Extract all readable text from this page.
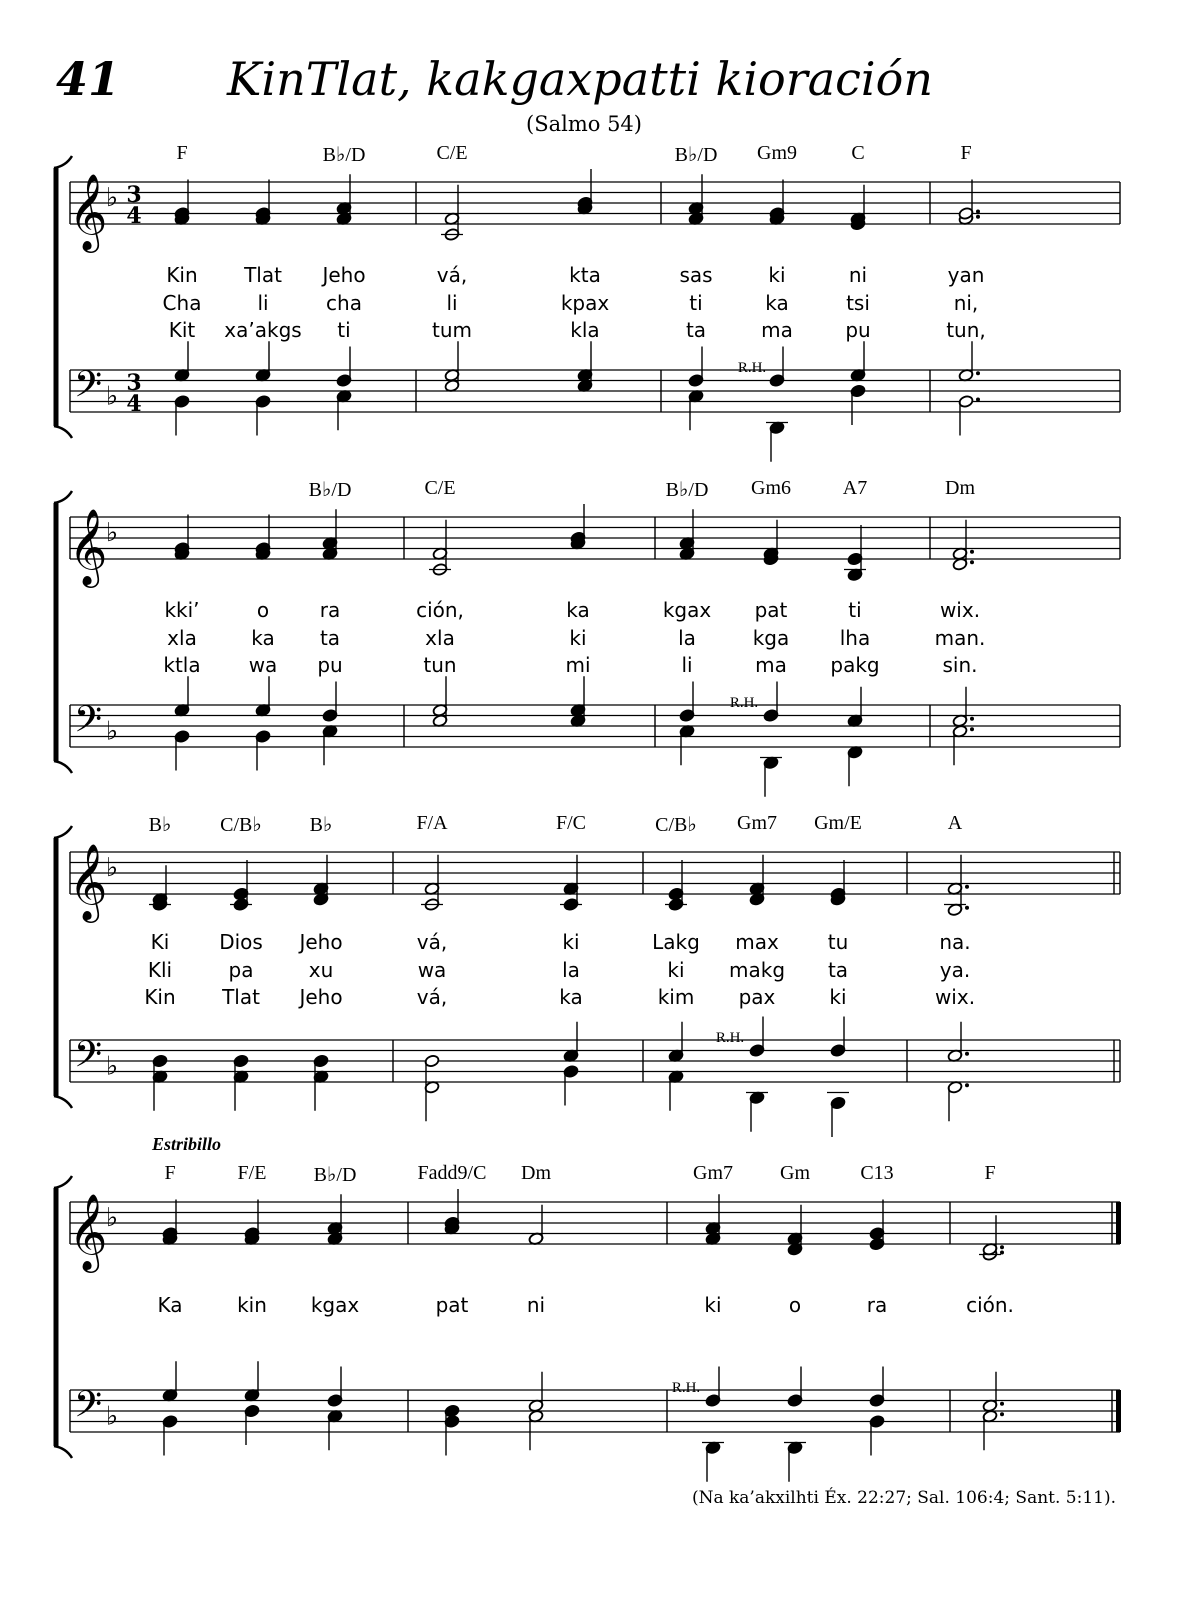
41	KinTlat, kakgaxpatti kioración
(Salmo 54)
Estribillo
(Na ka’akxilhti Éx. 22:27; Sal. 106:4; Sant. 5:11).
𝄞
♭ 3
4
𝄢 ♭ 3
4
𝄞
♭
𝄢 ♭
𝄞
♭
𝄢 ♭
𝄞
♭
𝄢 ♭
F	B♭/D	C/E	B♭/D Gm9	C	F
R.H.
Kin Tlat Jeho	vá,	kta	sas	ki	ni	yan
Cha	li	cha	li	kpax	ti	ka	tsi	ni,
Kit xa’akgs ti	tum	kla	ta	ma	pu	tun,
B♭/D	C/E	B♭/D Gm6	A7	Dm
R.H.
kki’	o	ra	ción,	ka	kgax pat	ti	wix.
xla	ka ta	xla	ki	la	kga	lha	man.
ktla wa pu	tun	mi	li	ma pakg	sin.
B♭ C/B♭ B♭	F/A	F/C	C/B♭ Gm7 Gm/E	A
R.H.
Ki Dios Jeho	vá,	ki	Lakg max tu	na.
Kli	pa	xu	wa	la	ki makg ta	ya.
Kin Tlat Jeho	vá,	ka	kim pax	ki	wix.
F	F/E B♭/D	Fadd9/C Dm	Gm7 Gm	C13	F
R.H.
Ka	kin kgax	pat	ni	ki	o	ra	ción.
